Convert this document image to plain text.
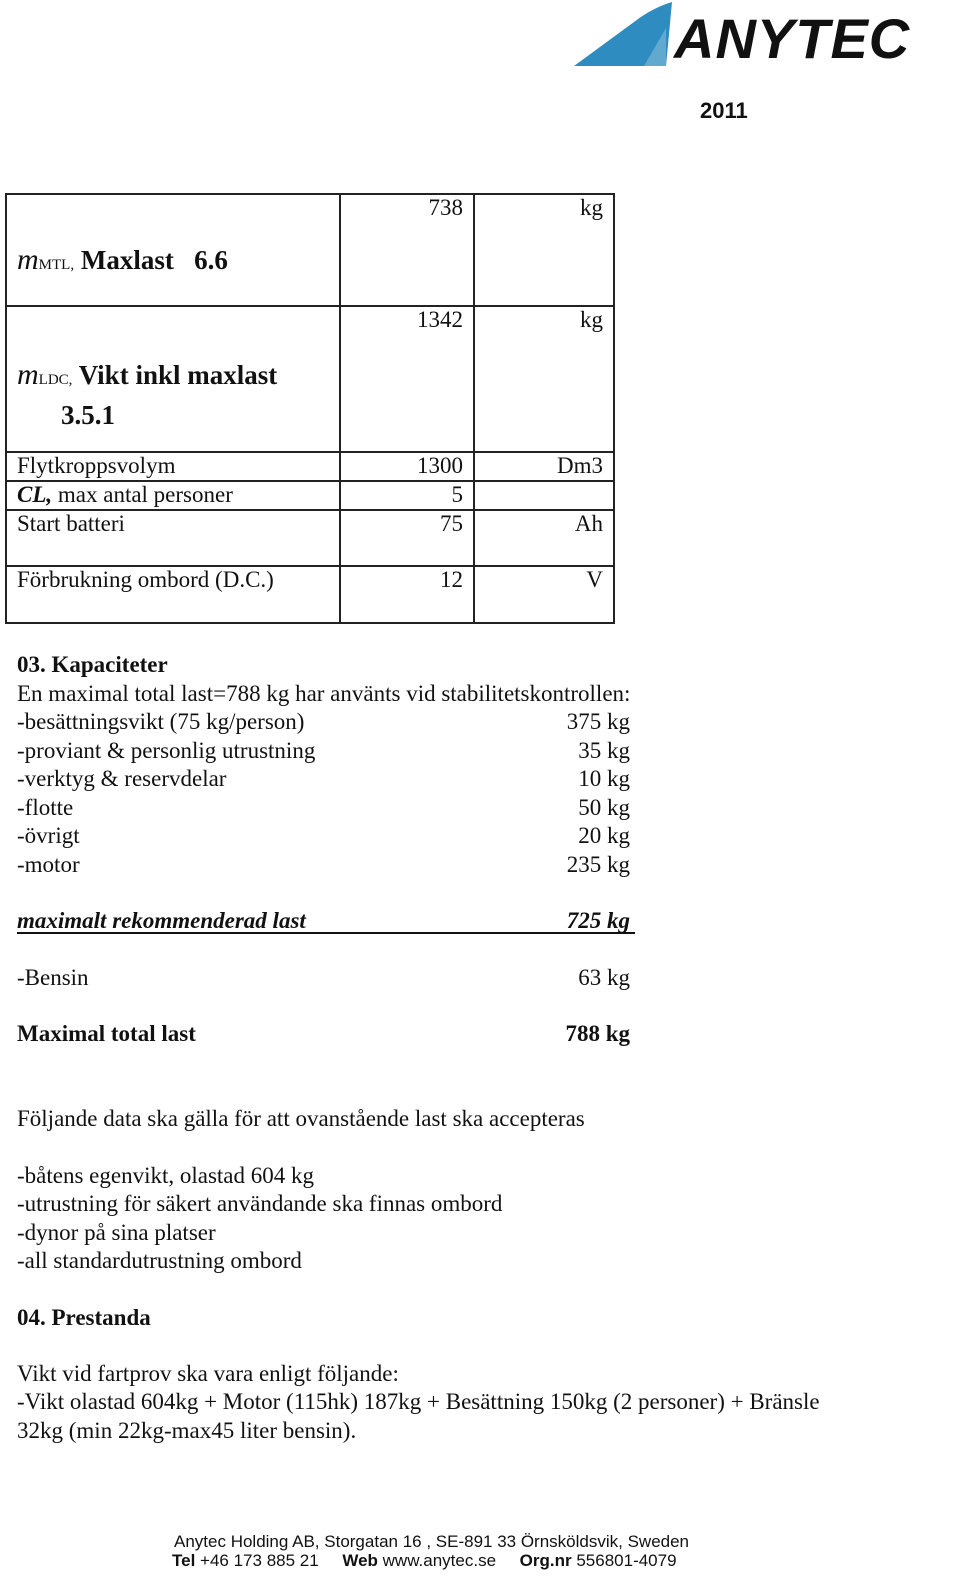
ANYTEC
2011
mMTL, Maxlast 6.6	738	kg

mLDC, Vikt inkl maxlast
3.5.1	1342	kg

Flytkroppsvolym	1300	Dm3
CL, max antal personer	5	
Start batteri	75	Ah
Förbrukning ombord (D.C.)	12	V
03. Kapaciteter
En maximal total last=788 kg har använts vid stabilitetskontrollen:
-besättningsvikt (75 kg/person)	375 kg
-proviant & personlig utrustning	35 kg
-verktyg & reservdelar	10 kg
-flotte	50 kg
-övrigt	20 kg
-motor	235 kg
maximalt rekommenderad last	725 kg
-Bensin	63 kg
Maximal total last	788 kg
Följande data ska gälla för att ovanstående last ska accepteras
-båtens egenvikt, olastad 604 kg
-utrustning för säkert användande ska finnas ombord
-dynor på sina platser
-all standardutrustning ombord
04. Prestanda
Vikt vid fartprov ska vara enligt följande:
-Vikt olastad 604kg + Motor (115hk) 187kg + Besättning 150kg (2 personer) + Bränsle
32kg (min 22kg-max45 liter bensin).
Anytec Holding AB, Storgatan 16 , SE-891 33 Örnsköldsvik, Sweden
Tel +46 173 885 21 Web www.anytec.se Org.nr 556801-4079
